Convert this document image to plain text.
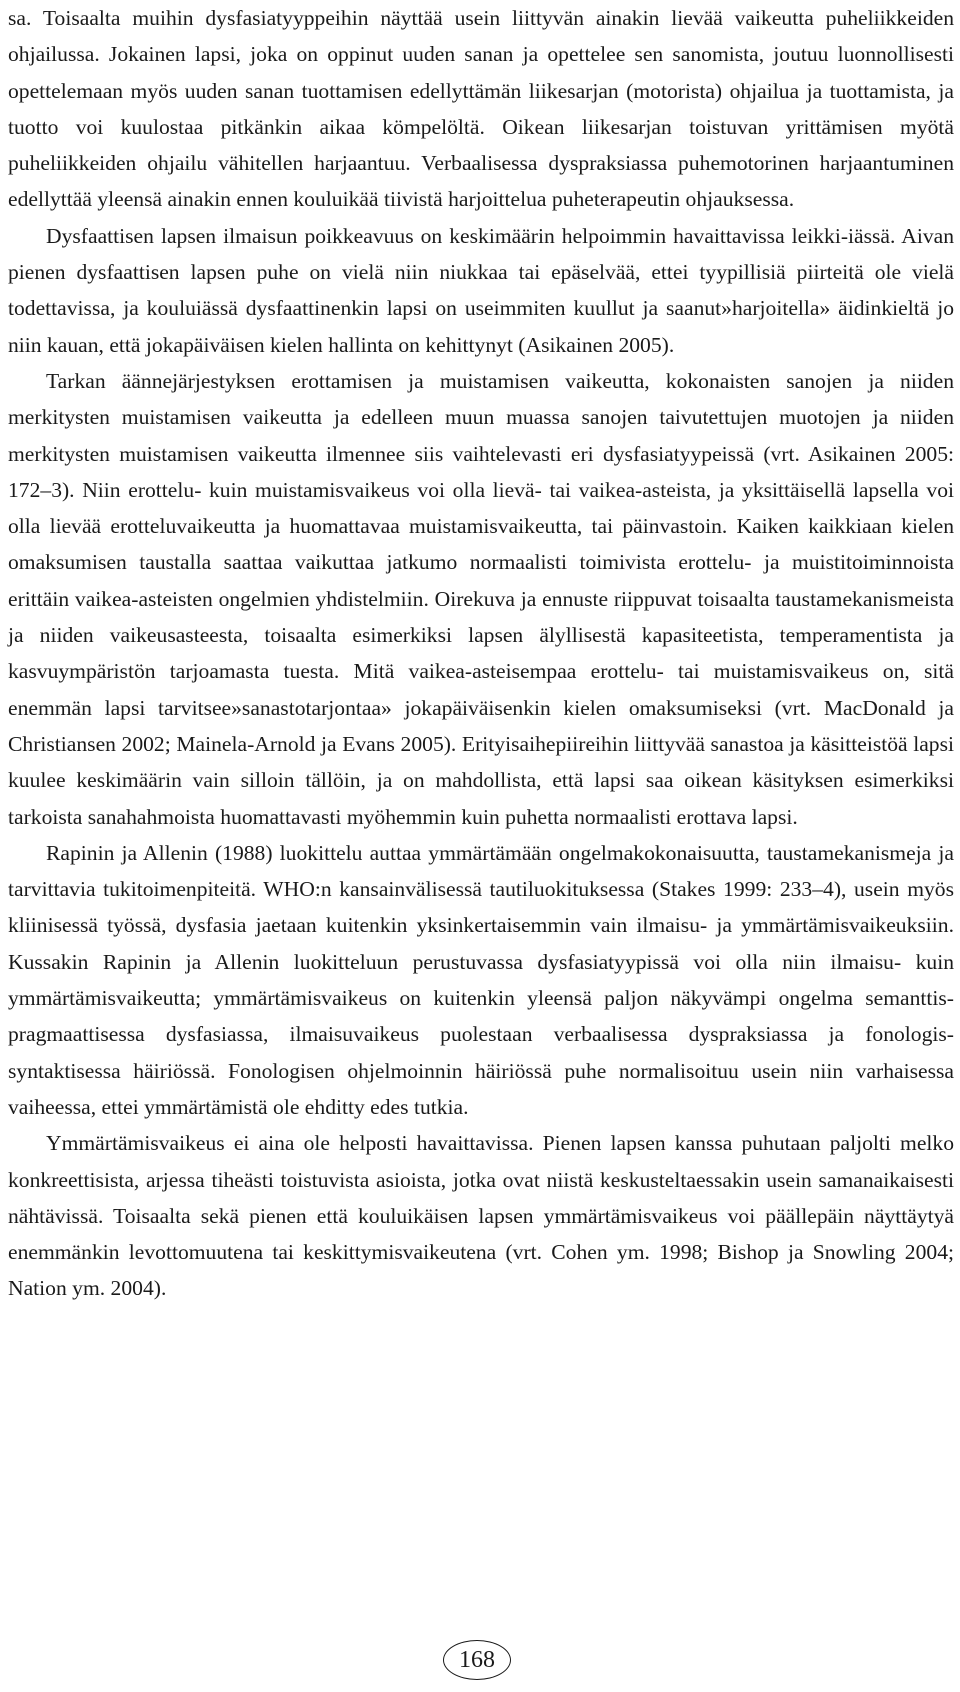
sa. Toisaalta muihin dysfasiatyyppeihin näyttää usein liittyvän ainakin lievää vaikeutta puheliikkeiden ohjailussa. Jokainen lapsi, joka on oppinut uuden sanan ja opettelee sen sanomista, joutuu luonnollisesti opettelemaan myös uuden sanan tuottamisen edellyttämän liikesarjan (motorista) ohjailua ja tuottamista, ja tuotto voi kuulostaa pitkänkin aikaa kömpelöltä. Oikean liikesarjan toistuvan yrittämisen myötä puheliikkeiden ohjailu vähitellen harjaantuu. Verbaalisessa dyspraksiassa puhemotorinen harjaantuminen edellyttää yleensä ainakin ennen kouluikää tiivistä harjoittelua puheterapeutin ohjauksessa.

Dysfaattisen lapsen ilmaisun poikkeavuus on keskimäärin helpoimmin havaittavissa leikki-iässä. Aivan pienen dysfaattisen lapsen puhe on vielä niin niukkaa tai epäselvää, ettei tyypillisiä piirteitä ole vielä todettavissa, ja kouluiässä dysfaattinenkin lapsi on useimmiten kuullut ja saanut»harjoitella» äidinkieltä jo niin kauan, että jokapäiväisen kielen hallinta on kehittynyt (Asikainen 2005).

Tarkan äännejärjestyksen erottamisen ja muistamisen vaikeutta, kokonaisten sanojen ja niiden merkitysten muistamisen vaikeutta ja edelleen muun muassa sanojen taivutettujen muotojen ja niiden merkitysten muistamisen vaikeutta ilmennee siis vaihtelevasti eri dysfasiatyypeissä (vrt. Asikainen 2005: 172–3). Niin erottelu- kuin muistamisvaikeus voi olla lievä- tai vaikea-asteista, ja yksittäisellä lapsella voi olla lievää erotteluvaikeutta ja huomattavaa muistamisvaikeutta, tai päinvastoin. Kaiken kaikkiaan kielen omaksumisen taustalla saattaa vaikuttaa jatkumo normaalisti toimivista erottelu- ja muistitoiminnoista erittäin vaikea-asteisten ongelmien yhdistelmiin. Oirekuva ja ennuste riippuvat toisaalta taustamekanismeista ja niiden vaikeusasteesta, toisaalta esimerkiksi lapsen älyllisestä kapasiteetista, temperamentista ja kasvuympäristön tarjoamasta tuesta. Mitä vaikea-asteisempaa erottelu- tai muistamisvaikeus on, sitä enemmän lapsi tarvitsee»sanastotarjontaa» jokapäiväisenkin kielen omaksumiseksi (vrt. MacDonald ja Christiansen 2002; Mainela-Arnold ja Evans 2005). Erityisaihepiireihin liittyvää sanastoa ja käsitteistöä lapsi kuulee keskimäärin vain silloin tällöin, ja on mahdollista, että lapsi saa oikean käsityksen esimerkiksi tarkoista sanahahmoista huomattavasti myöhemmin kuin puhetta normaalisti erottava lapsi.

Rapinin ja Allenin (1988) luokittelu auttaa ymmärtämään ongelmakokonaisuutta, taustamekanismeja ja tarvittavia tukitoimenpiteitä. WHO:n kansainvälisessä tautiluokituksessa (Stakes 1999: 233–4), usein myös kliinisessä työssä, dysfasia jaetaan kuitenkin yksinkertaisemmin vain ilmaisu- ja ymmärtämisvaikeuksiin. Kussakin Rapinin ja Allenin luokitteluun perustuvassa dysfasiatyypissä voi olla niin ilmaisu- kuin ymmärtämisvaikeutta; ymmärtämisvaikeus on kuitenkin yleensä paljon näkyvämpi ongelma semanttispragmaattisessa dysfasiassa, ilmaisuvaikeus puolestaan verbaalisessa dyspraksiassa ja fonologis-syntaktisessa häiriössä. Fonologisen ohjelmoinnin häiriössä puhe normalisoituu usein niin varhaisessa vaiheessa, ettei ymmärtämistä ole ehditty edes tutkia.

Ymmärtämisvaikeus ei aina ole helposti havaittavissa. Pienen lapsen kanssa puhutaan paljolti melko konkreettisista, arjessa tiheästi toistuvista asioista, jotka ovat niistä keskusteltaessakin usein samanaikaisesti nähtävissä. Toisaalta sekä pienen että kouluikäisen lapsen ymmärtämisvaikeus voi päällepäin näyttäytyä enemmänkin levottomuutena tai keskittymisvaikeutena (vrt. Cohen ym. 1998; Bishop ja Snowling 2004; Nation ym. 2004).

168
